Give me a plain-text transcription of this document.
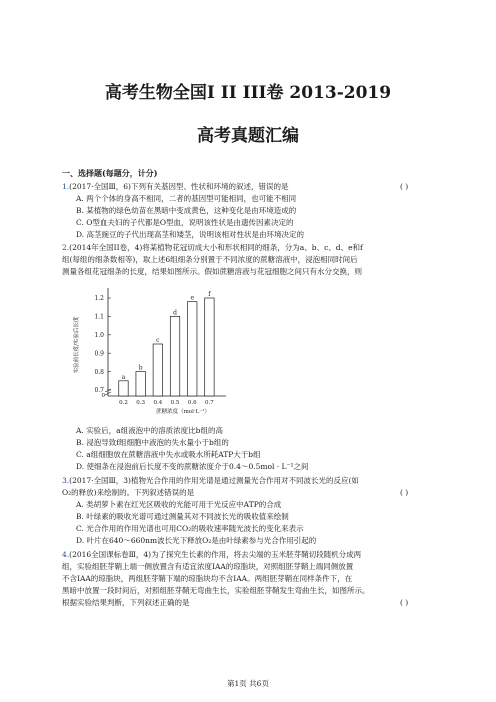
高考生物全国I II III卷 2013-2019
高考真题汇编
一、选择题(每题分，计分)
1.(2017·全国Ⅲ，6)下列有关基因型、性状和环境的叙述，错误的是	( )
A. 两个个体的身高不相同，二者的基因型可能相同，也可能不相同
B. 某植物的绿色幼苗在黑暗中变成黄色，这种变化是由环境造成的
C. O型血夫妇的子代都是O型血，说明该性状是由遗传因素决定的
D. 高茎豌豆的子代出现高茎和矮茎，说明该相对性状是由环境决定的
2.(2014年全国II卷，4)将某植物花冠切成大小和形状相同的细条，分为a、b、c、d、e和f
组(每组的细条数相等)，取上述6组细条分别置于不同浓度的蔗糖溶液中，浸泡相同时间后
测量各组花冠细条的长度，结果如图所示。假如蔗糖溶液与花冠细胞之间只有水分交换，则
0.7
0.8
0.9
1.0
1.1
1.2
0
a
0.2
b
0.3
c
0.4
d
0.5
e
0.6
f
0.7
实验前长度/实验后长度
蔗糖浓度（mol·L⁻¹）
A. 实验后，a组液泡中的溶质浓度比b组的高
B. 浸泡导致f组细胞中液泡的失水量小于b组的
C. a组细胞放在蔗糖溶液中失水或吸水所耗ATP大于b组
D. 使细条在浸泡前后长度不变的蔗糖浓度介于0.4～0.5mol · L⁻¹之间
3.(2017·全国Ⅲ，3)植物光合作用的作用光谱是通过测量光合作用对不同波长光的反应(如
O₂的释放)来绘制的。下列叙述错误的是	( )
A. 类胡萝卜素在红光区吸收的光能可用于光反应中ATP的合成
B. 叶绿素的吸收光谱可通过测量其对不同波长光的吸收值来绘制
C. 光合作用的作用光谱也可用CO₂的吸收速率随光波长的变化来表示
D. 叶片在640～660nm波长光下释放O₂是由叶绿素参与光合作用引起的
4.(2016全国课标卷Ⅲ，4)为了探究生长素的作用，将去尖端的玉米胚芽鞘切段随机分成两
组，实验组胚芽鞘上端一侧放置含有适宜浓度IAA的琼脂块，对照组胚芽鞘上端同侧放置
不含IAA的琼脂块，两组胚芽鞘下端的琼脂块均不含IAA。两组胚芽鞘在同样条件下，在
黑暗中放置一段时间后，对照组胚芽鞘无弯曲生长，实验组胚芽鞘发生弯曲生长，如图所示。
根据实验结果判断，下列叙述正确的是	( )
第1页 共6页
